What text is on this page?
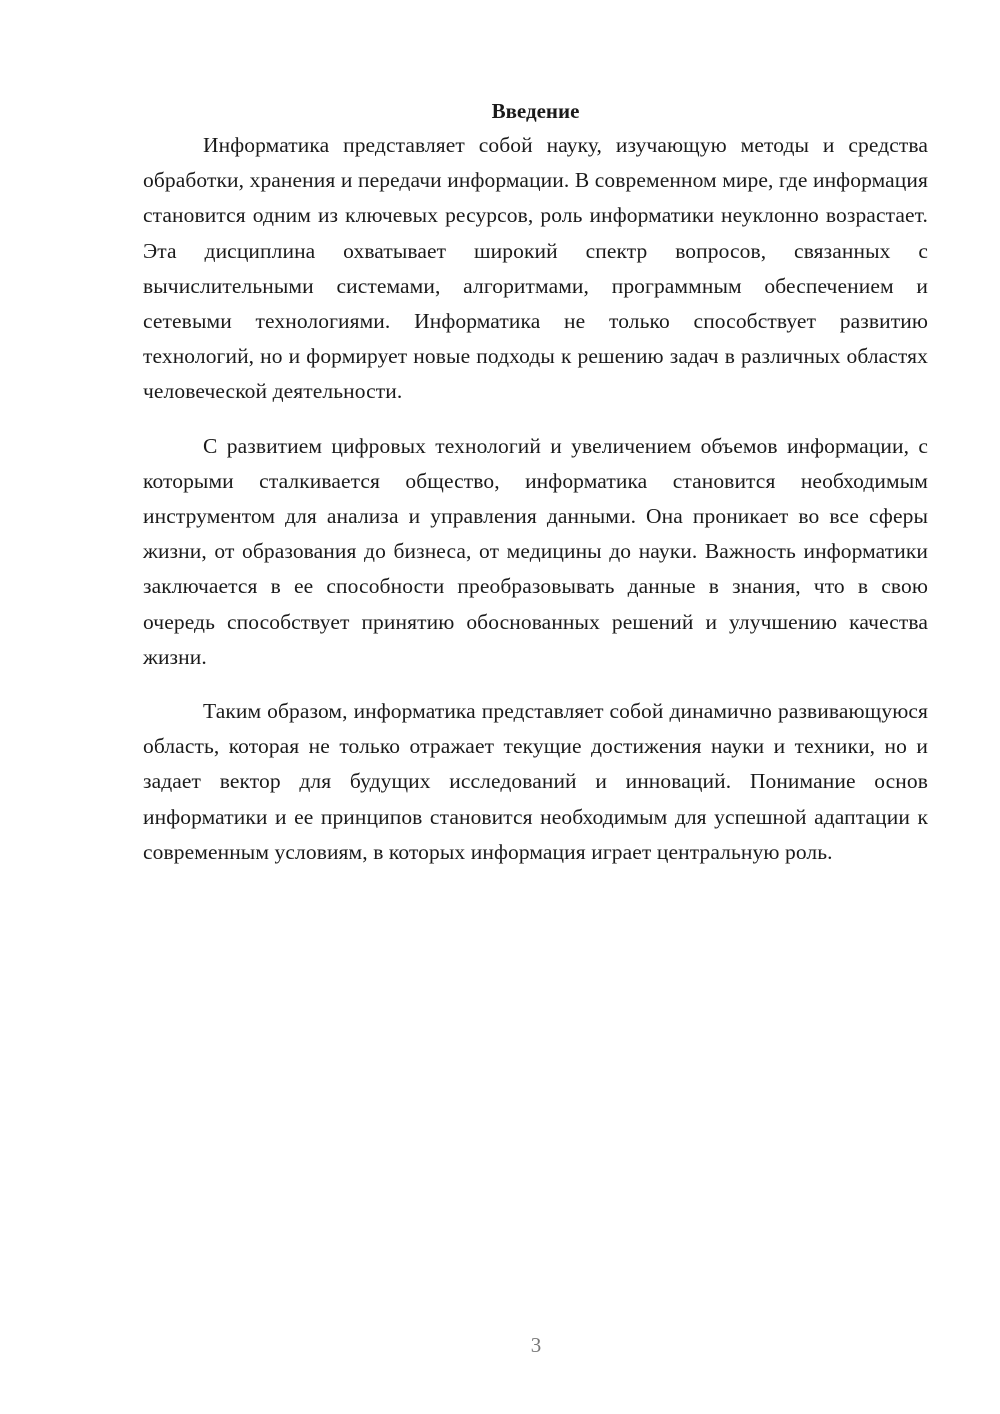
Введение

Информатика представляет собой науку, изучающую методы и средства обработки, хранения и передачи информации. В современном мире, где информация становится одним из ключевых ресурсов, роль информатики неуклонно возрастает. Эта дисциплина охватывает широкий спектр вопросов, связанных с вычислительными системами, алгоритмами, программным обеспечением и сетевыми технологиями. Информатика не только способствует развитию технологий, но и формирует новые подходы к решению задач в различных областях человеческой деятельности.

С развитием цифровых технологий и увеличением объемов информации, с которыми сталкивается общество, информатика становится необходимым инструментом для анализа и управления данными. Она проникает во все сферы жизни, от образования до бизнеса, от медицины до науки. Важность информатики заключается в ее способности преобразовывать данные в знания, что в свою очередь способствует принятию обоснованных решений и улучшению качества жизни.

Таким образом, информатика представляет собой динамично развивающуюся область, которая не только отражает текущие достижения науки и техники, но и задает вектор для будущих исследований и инноваций. Понимание основ информатики и ее принципов становится необходимым для успешной адаптации к современным условиям, в которых информация играет центральную роль.

3
